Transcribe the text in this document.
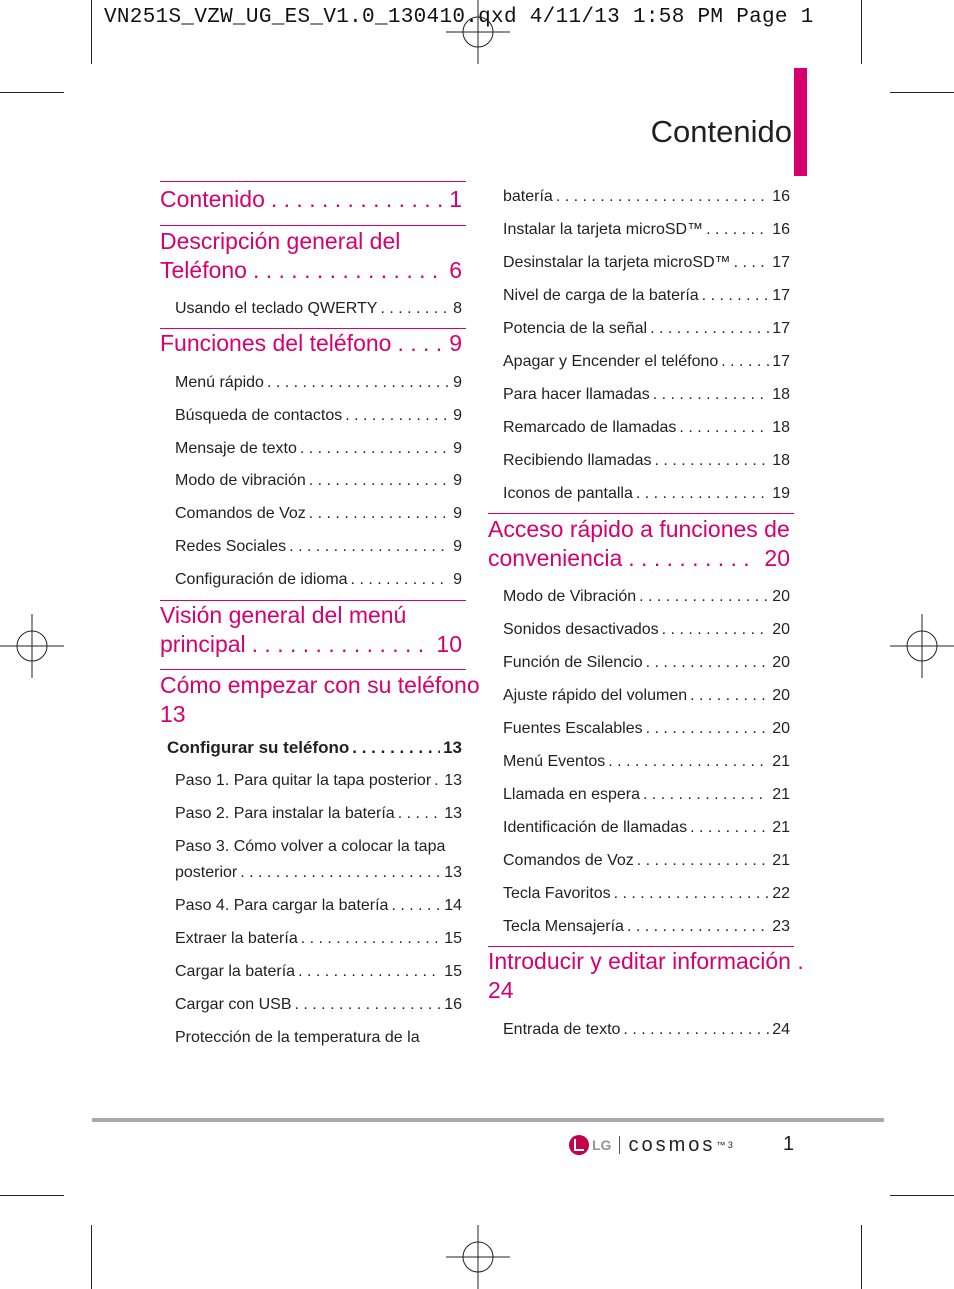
VN251S_VZW_UG_ES_V1.0_130410.qxd 4/11/13 1:58 PM Page 1
Contenido
Contenido . . .	1
Descripción general del
Teléfono . . .	6
Usando el teclado QWERTY . . .	8
Funciones del teléfono . . .	9
Menú rápido . . .	9
Búsqueda de contactos . . .	9
Mensaje de texto . . .	9
Modo de vibración . . .	9
Comandos de Voz . . .	9
Redes Sociales . . .	9
Configuración de idioma . . .	9
Visión general del menú
principal . . .	10
Cómo empezar con su teléfono
13
Configurar su teléfono . . .	13
Paso 1. Para quitar la tapa posterior . . . 13
Paso 2. Para instalar la batería . . .	13
Paso 3. Cómo volver a colocar la tapa
posterior . . .	13
Paso 4. Para cargar la batería . . .	14
Extraer la batería . . .	15
Cargar la batería . . .	15
Cargar con USB . . .	16
Protección de la temperatura de la
batería . . .	16
Instalar la tarjeta microSD™ . . .	16
Desinstalar la tarjeta microSD™ . . .	17
Nivel de carga de la batería . . .	17
Potencia de la señal . . .	17
Apagar y Encender el teléfono . . .	17
Para hacer llamadas . . .	18
Remarcado de llamadas . . .	18
Recibiendo llamadas . . .	18
Iconos de pantalla . . .	19
Acceso rápido a funciones de
conveniencia . . .	20
Modo de Vibración . . .	20
Sonidos desactivados . . .	20
Función de Silencio . . .	20
Ajuste rápido del volumen . . .	20
Fuentes Escalables . . .	20
Menú Eventos . . .	21
Llamada en espera . . .	21
Identificación de llamadas . . .	21
Comandos de Voz . . .	21
Tecla Favoritos . . .	22
Tecla Mensajería . . .	23
Introducir y editar información .
24
Entrada de texto . . .	24
LG cosmos ™ 3	1
